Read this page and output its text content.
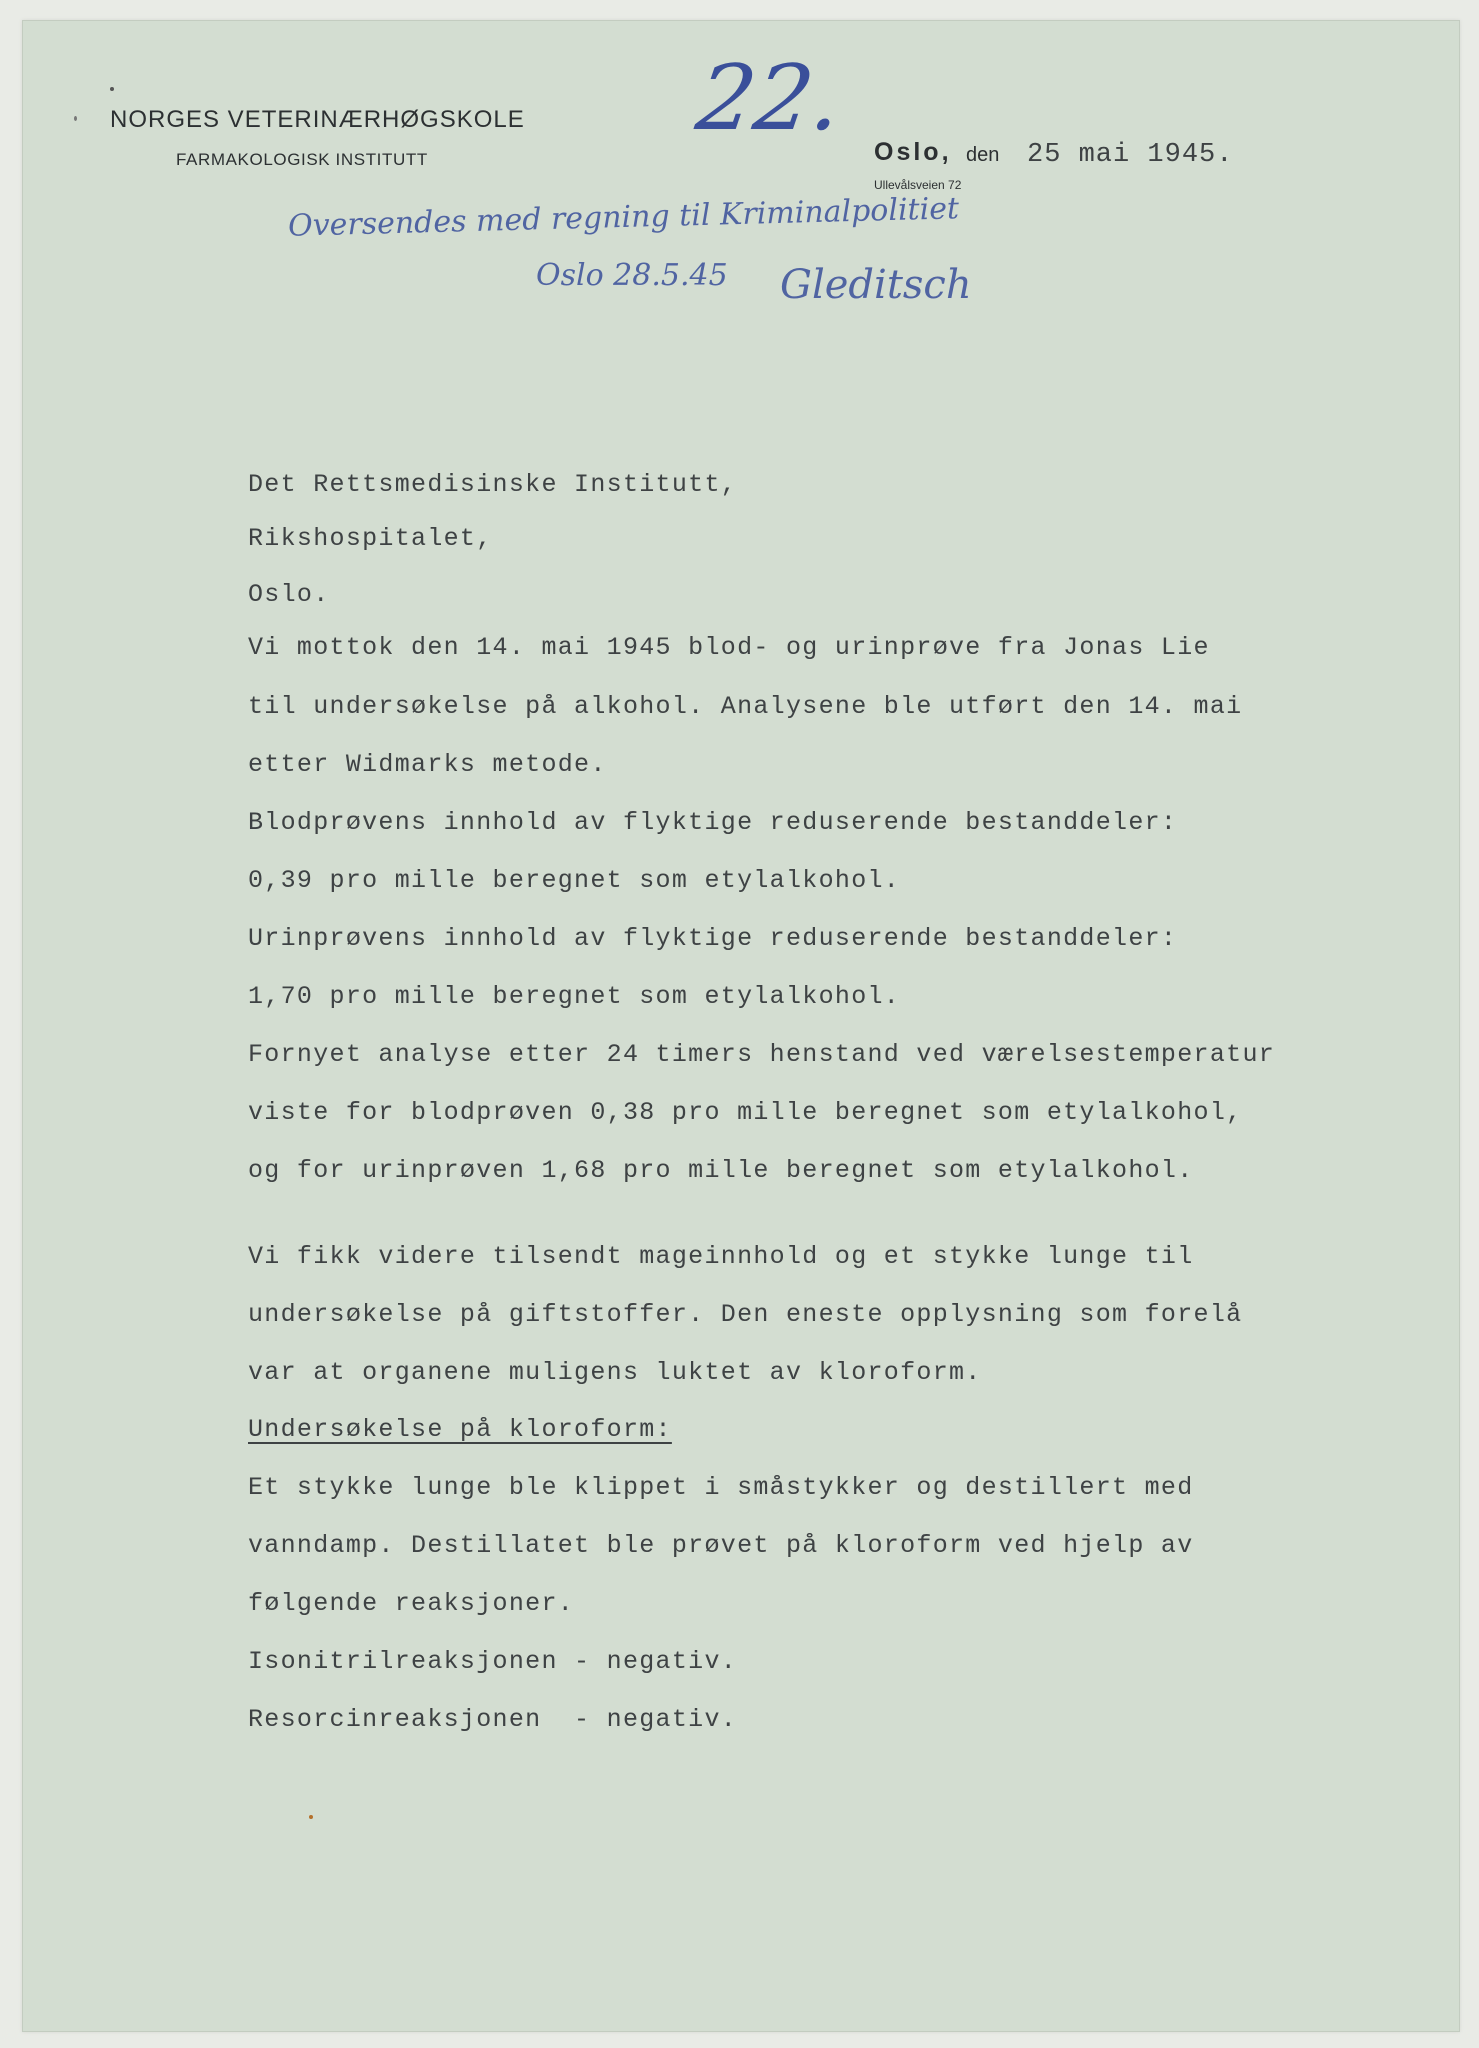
NORGES VETERINÆRHØGSKOLE
FARMAKOLOGISK INSTITUTT	Oslo, den 25 mai 1945.
Ullevålsveien 72
22.
Oversendes med regning til Kriminalpolitiet
Oslo 28.5.45 Gleditsch
Det Rettsmedisinske Institutt,
Rikshospitalet,
Oslo.
Vi mottok den 14. mai 1945 blod- og urinprøve fra Jonas Lie
til undersøkelse på alkohol. Analysene ble utført den 14. mai
etter Widmarks metode.
Blodprøvens innhold av flyktige reduserende bestanddeler:
0,39 pro mille beregnet som etylalkohol.
Urinprøvens innhold av flyktige reduserende bestanddeler:
1,70 pro mille beregnet som etylalkohol.
Fornyet analyse etter 24 timers henstand ved værelsestemperatur
viste for blodprøven 0,38 pro mille beregnet som etylalkohol,
og for urinprøven 1,68 pro mille beregnet som etylalkohol.
Vi fikk videre tilsendt mageinnhold og et stykke lunge til
undersøkelse på giftstoffer. Den eneste opplysning som forelå
var at organene muligens luktet av kloroform.
Undersøkelse på kloroform:
Et stykke lunge ble klippet i småstykker og destillert med
vanndamp. Destillatet ble prøvet på kloroform ved hjelp av
følgende reaksjoner.
Isonitrilreaksjonen - negativ.
Resorcinreaksjonen  - negativ.
